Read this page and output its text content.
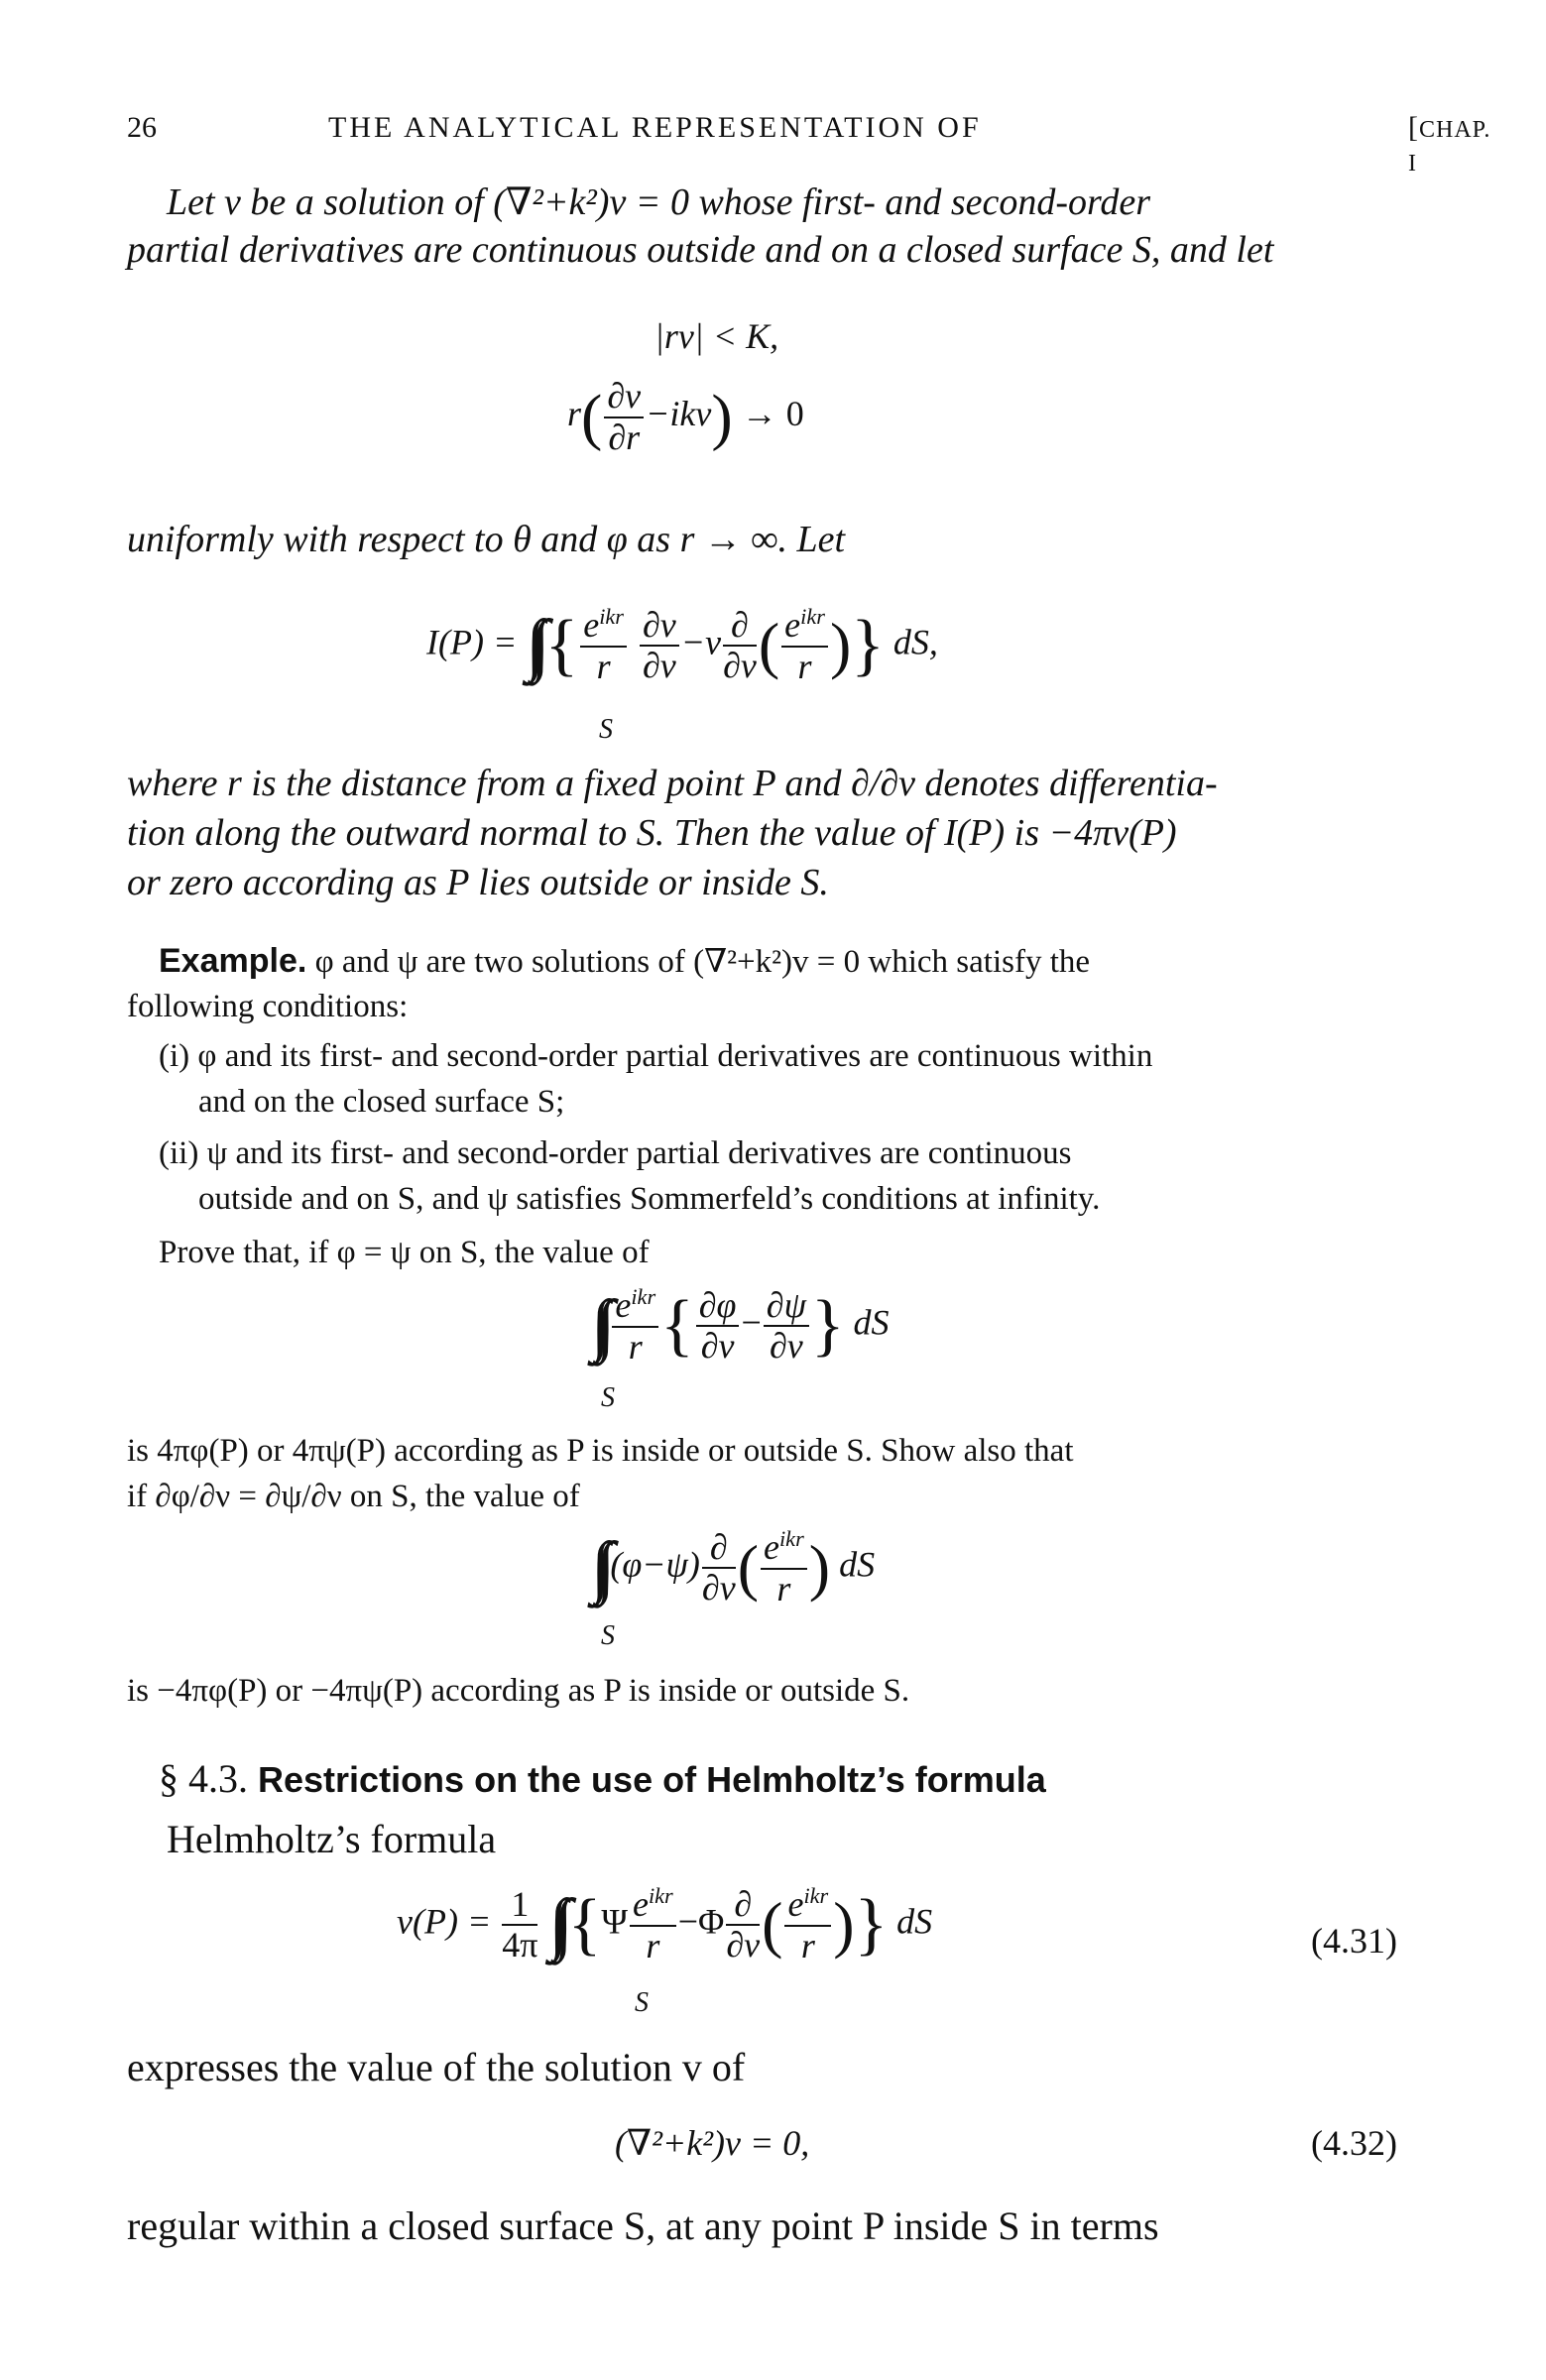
26	THE ANALYTICAL REPRESENTATION OF	[CHAP. I
Let v be a solution of (∇²+k²)v = 0 whose first- and second-order
partial derivatives are continuous outside and on a closed surface S, and let
|rv| < K,
$r( \frac{\partial v}{\partial r} -ikv) \to 0$
uniformly with respect to θ and φ as r → ∞. Let
I(P) = ∫∫ { $\frac{e^{ikr}}{r}$
$\frac{\partial v}{\partial\nu} -v \frac{\partial}{\partial\nu}$ ( $\frac{e^{ikr}}{r}$ )} dS,
S
where r is the distance from a fixed point P and ∂/∂ν denotes differentia-
tion along the outward normal to S. Then the value of I(P) is −4πv(P)
or zero according as P lies outside or inside S.
Example. φ and ψ are two solutions of (∇²+k²)v = 0 which satisfy the
following conditions:
(i) φ and its first- and second-order partial derivatives are continuous within
and on the closed surface S;
(ii) ψ and its first- and second-order partial derivatives are continuous
outside and on S, and ψ satisfies Sommerfeld’s conditions at infinity.
Prove that, if φ = ψ on S, the value of
∫∫ $\frac{e^{ikr}}{r}$ { $\frac{\partial\varphi}{\partial\nu} - \frac{\partial\psi}{\partial\nu}$ } dS
S
is 4πφ(P) or 4πψ(P) according as P is inside or outside S. Show also that
if ∂φ/∂ν = ∂ψ/∂ν on S, the value of
∫∫ $(\varphi-\psi) \frac{\partial}{\partial\nu}$ ( $\frac{e^{ikr}}{r}$ ) dS
S
is −4πφ(P) or −4πψ(P) according as P is inside or outside S.
§ 4.3. Restrictions on the use of Helmholtz’s formula
Helmholtz’s formula
$v(P) = \frac{1}{4\pi}$ ∫∫ {$\Psi \frac{e^{ikr}}{r} -\Phi \frac{\partial}{\partial\nu}$ ( $\frac{e^{ikr}}{r}$ )} dS
S
(4.31)
expresses the value of the solution v of
(∇²+k²)v = 0,	(4.32)
regular within a closed surface S, at any point P inside S in terms
